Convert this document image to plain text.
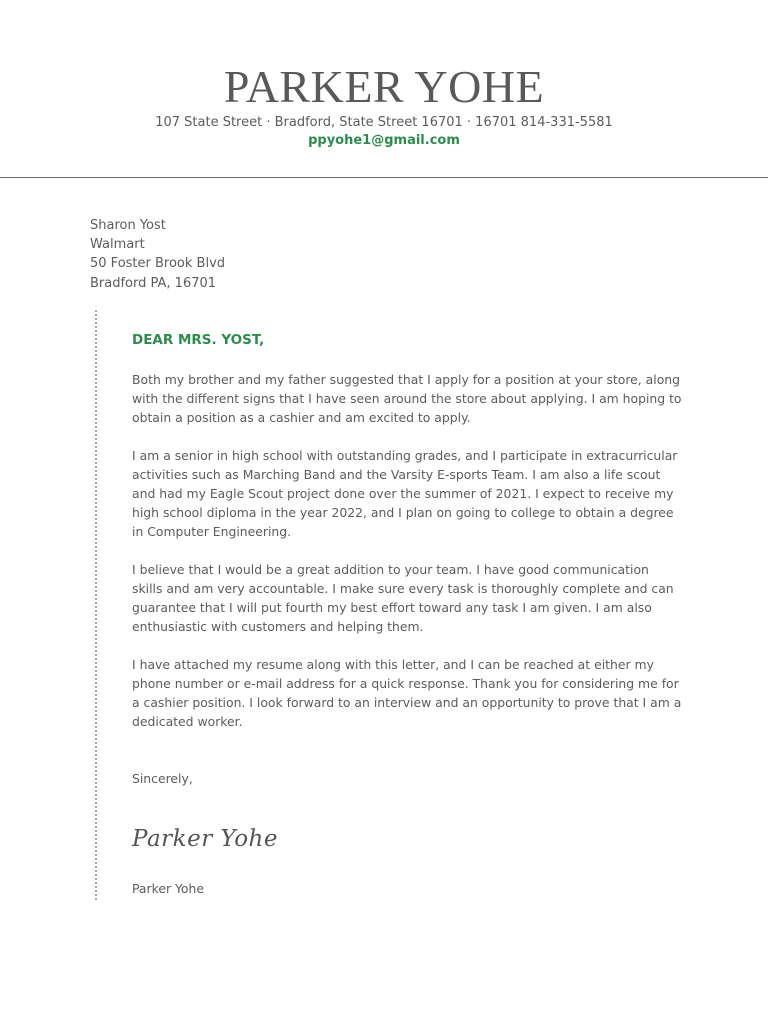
PARKER YOHE
107 State Street · Bradford, State Street 16701 · 16701 814-331-5581
ppyohe1@gmail.com
Sharon Yost
Walmart
50 Foster Brook Blvd
Bradford PA, 16701
DEAR MRS. YOST,

Both my brother and my father suggested that I apply for a position at your store, along with the different signs that I have seen around the store about applying. I am hoping to obtain a position as a cashier and am excited to apply.

I am a senior in high school with outstanding grades, and I participate in extracurricular activities such as Marching Band and the Varsity E-sports Team. I am also a life scout and had my Eagle Scout project done over the summer of 2021. I expect to receive my high school diploma in the year 2022, and I plan on going to college to obtain a degree in Computer Engineering.

I believe that I would be a great addition to your team. I have good communication skills and am very accountable. I make sure every task is thoroughly complete and can guarantee that I will put fourth my best effort toward any task I am given. I am also enthusiastic with customers and helping them.

I have attached my resume along with this letter, and I can be reached at either my phone number or e-mail address for a quick response. Thank you for considering me for a cashier position. I look forward to an interview and an opportunity to prove that I am a dedicated worker.

Sincerely,
Parker Yohe
Parker Yohe
